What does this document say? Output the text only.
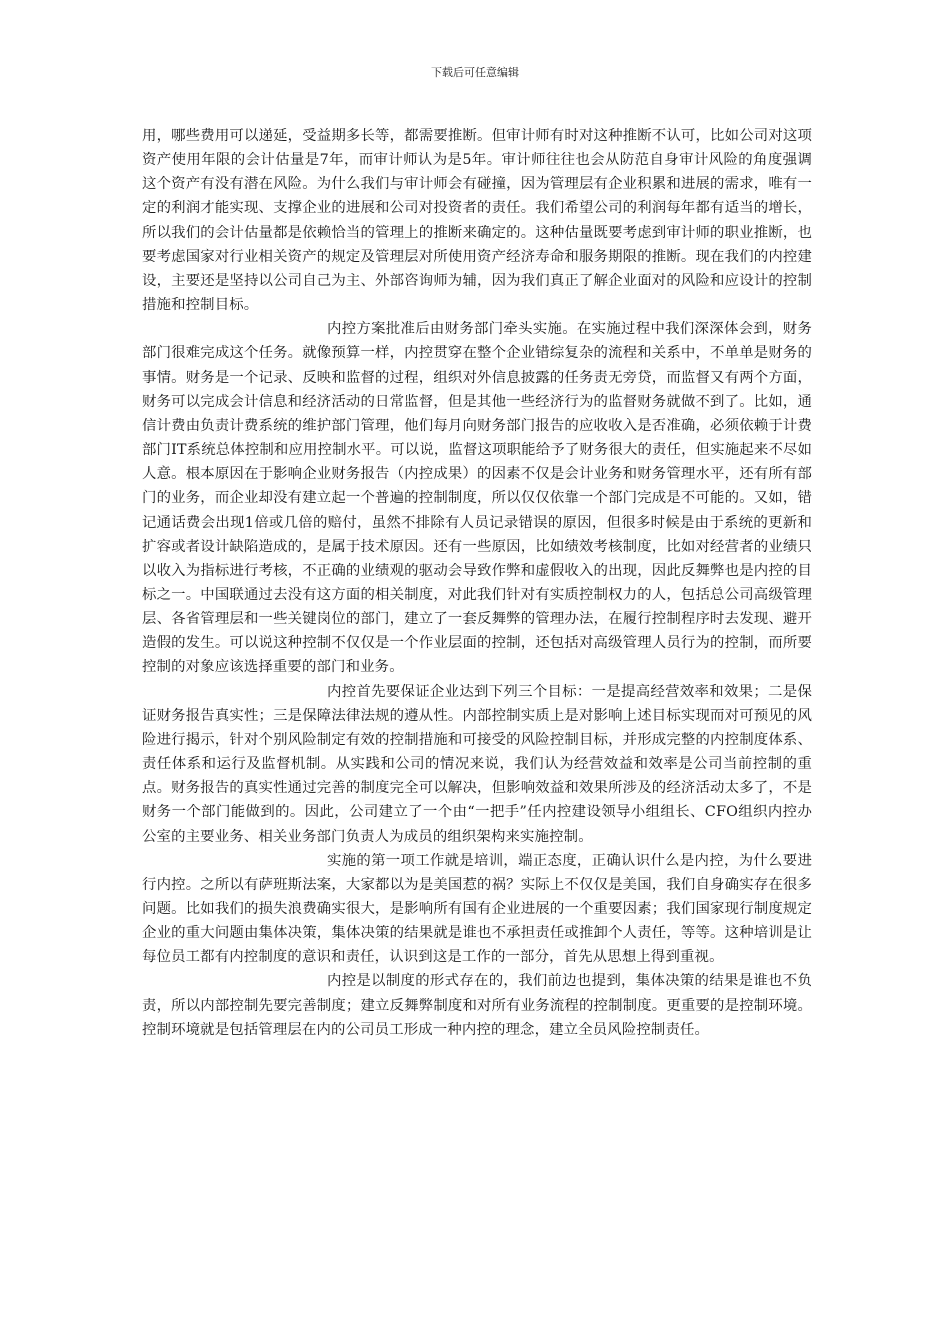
下载后可任意编辑

用，哪些费用可以递延，受益期多长等，都需要推断。但审计师有时对这种推断不认可，比如公司对这项资产使用年限的会计估量是7年，而审计师认为是5年。审计师往往也会从防范自身审计风险的角度强调这个资产有没有潜在风险。为什么我们与审计师会有碰撞，因为管理层有企业积累和进展的需求，唯有一定的利润才能实现、支撑企业的进展和公司对投资者的责任。我们希望公司的利润每年都有适当的增长，所以我们的会计估量都是依赖恰当的管理上的推断来确定的。这种估量既要考虑到审计师的职业推断，也要考虑国家对行业相关资产的规定及管理层对所使用资产经济寿命和服务期限的推断。现在我们的内控建设，主要还是坚持以公司自己为主、外部咨询师为辅，因为我们真正了解企业面对的风险和应设计的控制措施和控制目标。

内控方案批准后由财务部门牵头实施。在实施过程中我们深深体会到，财务部门很难完成这个任务。就像预算一样，内控贯穿在整个企业错综复杂的流程和关系中，不单单是财务的事情。财务是一个记录、反映和监督的过程，组织对外信息披露的任务责无旁贷，而监督又有两个方面，财务可以完成会计信息和经济活动的日常监督，但是其他一些经济行为的监督财务就做不到了。比如，通信计费由负责计费系统的维护部门管理，他们每月向财务部门报告的应收收入是否准确，必须依赖于计费部门IT系统总体控制和应用控制水平。可以说，监督这项职能给予了财务很大的责任，但实施起来不尽如人意。根本原因在于影响企业财务报告（内控成果）的因素不仅是会计业务和财务管理水平，还有所有部门的业务，而企业却没有建立起一个普遍的控制制度，所以仅仅依靠一个部门完成是不可能的。又如，错记通话费会出现1倍或几倍的赔付，虽然不排除有人员记录错误的原因，但很多时候是由于系统的更新和扩容或者设计缺陷造成的，是属于技术原因。还有一些原因，比如绩效考核制度，比如对经营者的业绩只以收入为指标进行考核，不正确的业绩观的驱动会导致作弊和虚假收入的出现，因此反舞弊也是内控的目标之一。中国联通过去没有这方面的相关制度，对此我们针对有实质控制权力的人，包括总公司高级管理层、各省管理层和一些关键岗位的部门，建立了一套反舞弊的管理办法，在履行控制程序时去发现、避开造假的发生。可以说这种控制不仅仅是一个作业层面的控制，还包括对高级管理人员行为的控制，而所要控制的对象应该选择重要的部门和业务。

内控首先要保证企业达到下列三个目标：一是提高经营效率和效果；二是保证财务报告真实性；三是保障法律法规的遵从性。内部控制实质上是对影响上述目标实现而对可预见的风险进行揭示，针对个别风险制定有效的控制措施和可接受的风险控制目标，并形成完整的内控制度体系、责任体系和运行及监督机制。从实践和公司的情况来说，我们认为经营效益和效率是公司当前控制的重点。财务报告的真实性通过完善的制度完全可以解决，但影响效益和效果所涉及的经济活动太多了，不是财务一个部门能做到的。因此，公司建立了一个由“一把手”任内控建设领导小组组长、CFO组织内控办公室的主要业务、相关业务部门负责人为成员的组织架构来实施控制。

实施的第一项工作就是培训，端正态度，正确认识什么是内控，为什么要进行内控。之所以有萨班斯法案，大家都以为是美国惹的祸？实际上不仅仅是美国，我们自身确实存在很多问题。比如我们的损失浪费确实很大，是影响所有国有企业进展的一个重要因素；我们国家现行制度规定企业的重大问题由集体决策，集体决策的结果就是谁也不承担责任或推卸个人责任，等等。这种培训是让每位员工都有内控制度的意识和责任，认识到这是工作的一部分，首先从思想上得到重视。

内控是以制度的形式存在的，我们前边也提到，集体决策的结果是谁也不负责，所以内部控制先要完善制度；建立反舞弊制度和对所有业务流程的控制制度。更重要的是控制环境。控制环境就是包括管理层在内的公司员工形成一种内控的理念，建立全员风险控制责任。
